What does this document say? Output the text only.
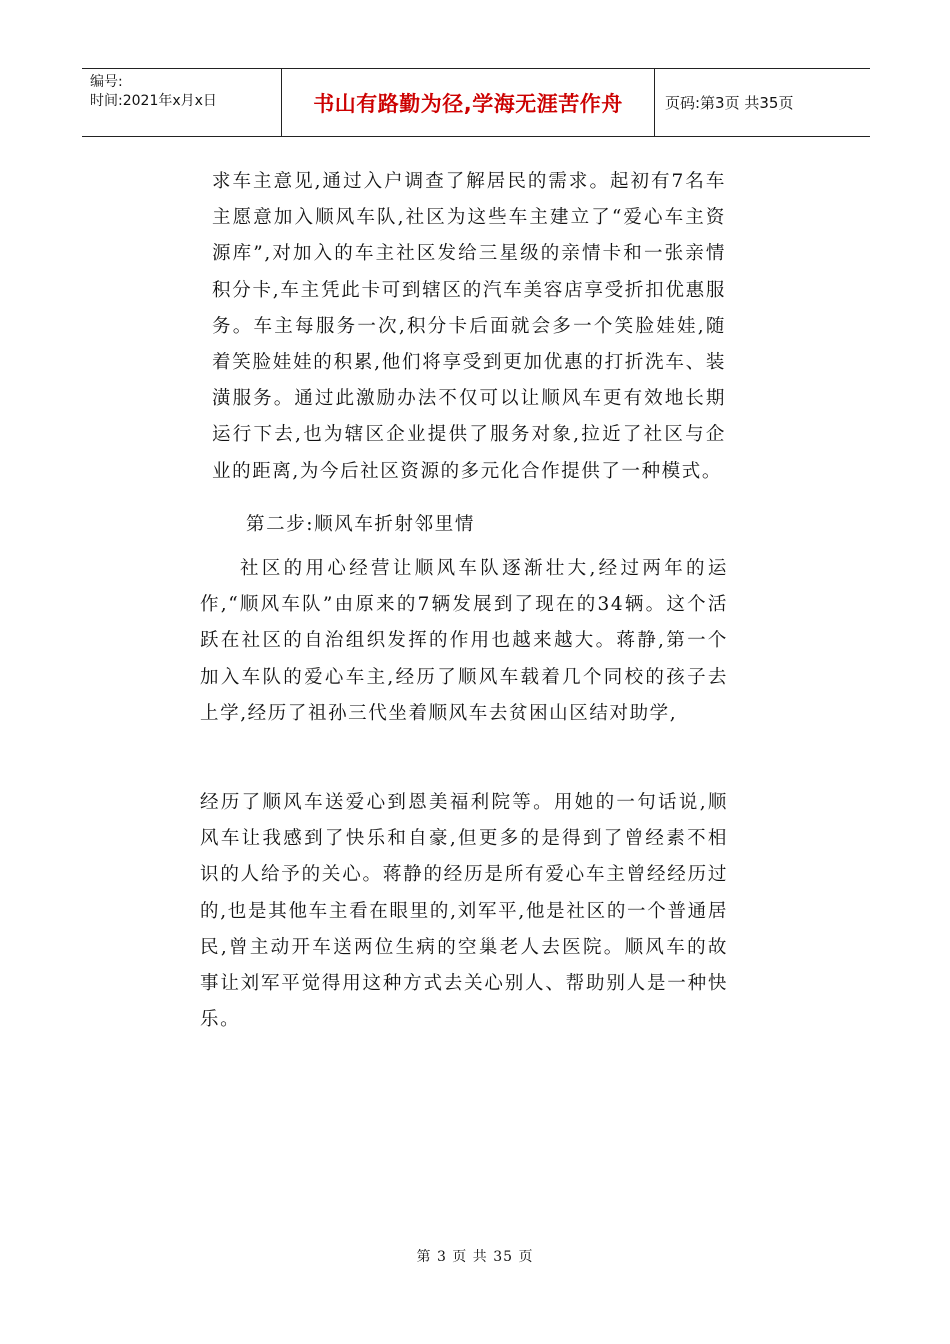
编号:
时间:2021年x月x日	书山有路勤为径,学海无涯苦作舟	页码:第3页 共35页

求车主意见,通过入户调查了解居民的需求。起初有7名车主愿意加入顺风车队,社区为这些车主建立了“爱心车主资源库”,对加入的车主社区发给三星级的亲情卡和一张亲情积分卡,车主凭此卡可到辖区的汽车美容店享受折扣优惠服务。车主每服务一次,积分卡后面就会多一个笑脸娃娃,随着笑脸娃娃的积累,他们将享受到更加优惠的打折洗车、装潢服务。通过此激励办法不仅可以让顺风车更有效地长期运行下去,也为辖区企业提供了服务对象,拉近了社区与企业的距离,为今后社区资源的多元化合作提供了一种模式。

第二步:顺风车折射邻里情

社区的用心经营让顺风车队逐渐壮大,经过两年的运作,“顺风车队”由原来的7辆发展到了现在的34辆。这个活跃在社区的自治组织发挥的作用也越来越大。蒋静,第一个加入车队的爱心车主,经历了顺风车载着几个同校的孩子去上学,经历了祖孙三代坐着顺风车去贫困山区结对助学,

经历了顺风车送爱心到恩美福利院等。用她的一句话说,顺风车让我感到了快乐和自豪,但更多的是得到了曾经素不相识的人给予的关心。蒋静的经历是所有爱心车主曾经经历过的,也是其他车主看在眼里的,刘军平,他是社区的一个普通居民,曾主动开车送两位生病的空巢老人去医院。顺风车的故事让刘军平觉得用这种方式去关心别人、帮助别人是一种快乐。

第 3 页 共 35 页
